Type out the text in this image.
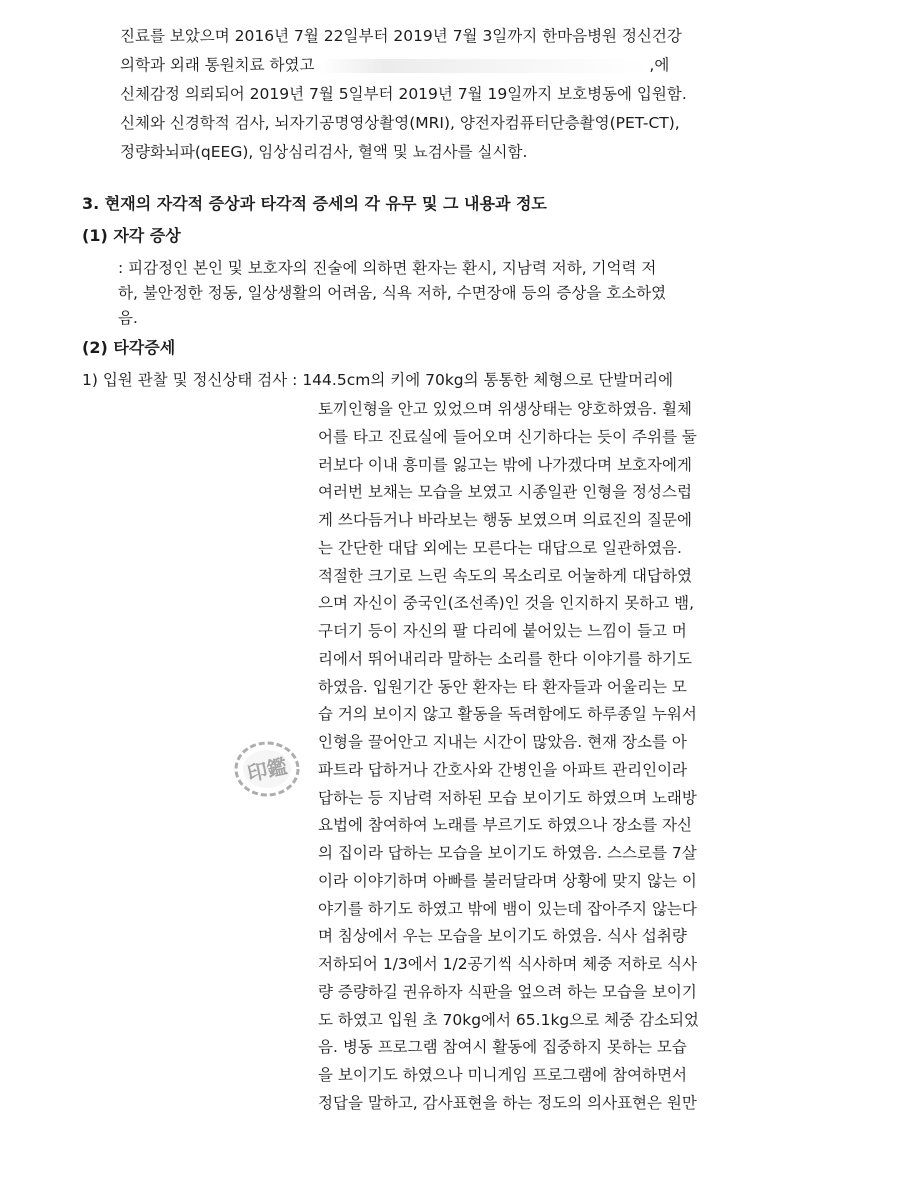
진료를 보았으며 2016년 7월 22일부터 2019년 7월 3일까지 한마음병원 정신건강
의학과 외래 통원치료 하였고	,에
신체감정 의뢰되어 2019년 7월 5일부터 2019년 7월 19일까지 보호병동에 입원함.
신체와 신경학적 검사, 뇌자기공명영상촬영(MRI), 양전자컴퓨터단층촬영(PET-CT),
정량화뇌파(qEEG), 임상심리검사, 혈액 및 뇨검사를 실시함.
3. 현재의 자각적 증상과 타각적 증세의 각 유무 및 그 내용과 정도
(1) 자각 증상
: 피감정인 본인 및 보호자의 진술에 의하면 환자는 환시, 지남력 저하, 기억력 저
하, 불안정한 정동, 일상생활의 어려움, 식욕 저하, 수면장애 등의 증상을 호소하였
음.
(2) 타각증세
1) 입원 관찰 및 정신상태 검사 : 144.5cm의 키에 70kg의 통통한 체형으로 단발머리에
토끼인형을 안고 있었으며 위생상태는 양호하였음. 휠체
어를 타고 진료실에 들어오며 신기하다는 듯이 주위를 둘
러보다 이내 흥미를 잃고는 밖에 나가겠다며 보호자에게
여러번 보채는 모습을 보였고 시종일관 인형을 정성스럽
게 쓰다듬거나 바라보는 행동 보였으며 의료진의 질문에
는 간단한 대답 외에는 모른다는 대답으로 일관하였음.
적절한 크기로 느린 속도의 목소리로 어눌하게 대답하였
으며 자신이 중국인(조선족)인 것을 인지하지 못하고 뱀,
구더기 등이 자신의 팔 다리에 붙어있는 느낌이 들고 머
리에서 뛰어내리라 말하는 소리를 한다 이야기를 하기도
하였음. 입원기간 동안 환자는 타 환자들과 어울리는 모
습 거의 보이지 않고 활동을 독려함에도 하루종일 누워서
인형을 끌어안고 지내는 시간이 많았음. 현재 장소를 아
파트라 답하거나 간호사와 간병인을 아파트 관리인이라
답하는 등 지남력 저하된 모습 보이기도 하였으며 노래방
요법에 참여하여 노래를 부르기도 하였으나 장소를 자신
의 집이라 답하는 모습을 보이기도 하였음. 스스로를 7살
이라 이야기하며 아빠를 불러달라며 상황에 맞지 않는 이
야기를 하기도 하였고 밖에 뱀이 있는데 잡아주지 않는다
며 침상에서 우는 모습을 보이기도 하였음. 식사 섭취량
저하되어 1/3에서 1/2공기씩 식사하며 체중 저하로 식사
량 증량하길 권유하자 식판을 엎으려 하는 모습을 보이기
도 하였고 입원 초 70kg에서 65.1kg으로 체중 감소되었
음. 병동 프로그램 참여시 활동에 집중하지 못하는 모습
을 보이기도 하였으나 미니게임 프로그램에 참여하면서
정답을 말하고, 감사표현을 하는 정도의 의사표현은 원만
印鑑
